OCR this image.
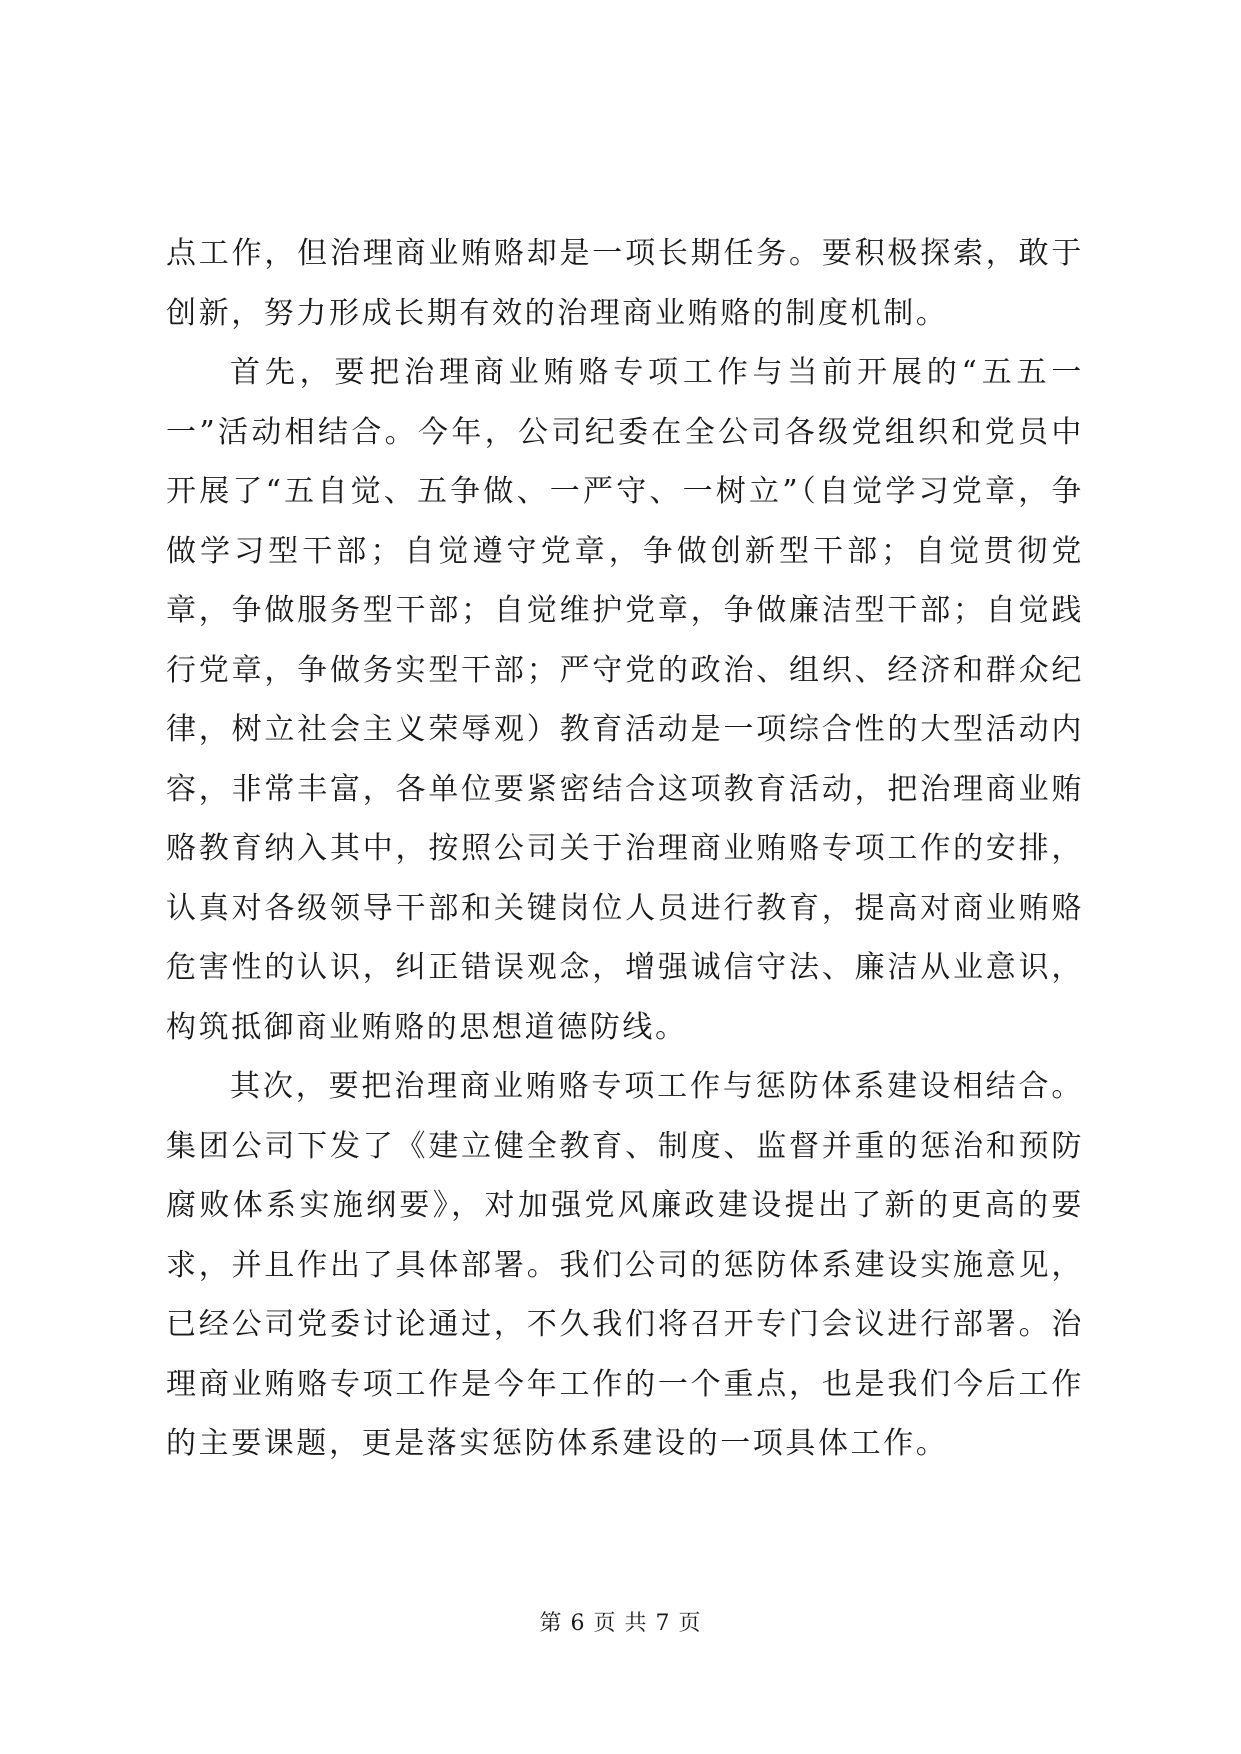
点工作，但治理商业贿赂却是一项长期任务。要积极探索，敢于创新，努力形成长期有效的治理商业贿赂的制度机制。

首先，要把治理商业贿赂专项工作与当前开展的“五五一一”活动相结合。今年，公司纪委在全公司各级党组织和党员中开展了“五自觉、五争做、一严守、一树立”（自觉学习党章，争做学习型干部；自觉遵守党章，争做创新型干部；自觉贯彻党章，争做服务型干部；自觉维护党章，争做廉洁型干部；自觉践行党章，争做务实型干部；严守党的政治、组织、经济和群众纪律，树立社会主义荣辱观）教育活动是一项综合性的大型活动内容，非常丰富，各单位要紧密结合这项教育活动，把治理商业贿赂教育纳入其中，按照公司关于治理商业贿赂专项工作的安排，认真对各级领导干部和关键岗位人员进行教育，提高对商业贿赂危害性的认识，纠正错误观念，增强诚信守法、廉洁从业意识，构筑抵御商业贿赂的思想道德防线。

其次，要把治理商业贿赂专项工作与惩防体系建设相结合。集团公司下发了《建立健全教育、制度、监督并重的惩治和预防腐败体系实施纲要》，对加强党风廉政建设提出了新的更高的要求，并且作出了具体部署。我们公司的惩防体系建设实施意见，已经公司党委讨论通过，不久我们将召开专门会议进行部署。治理商业贿赂专项工作是今年工作的一个重点，也是我们今后工作的主要课题，更是落实惩防体系建设的一项具体工作。

第 6 页 共 7 页
